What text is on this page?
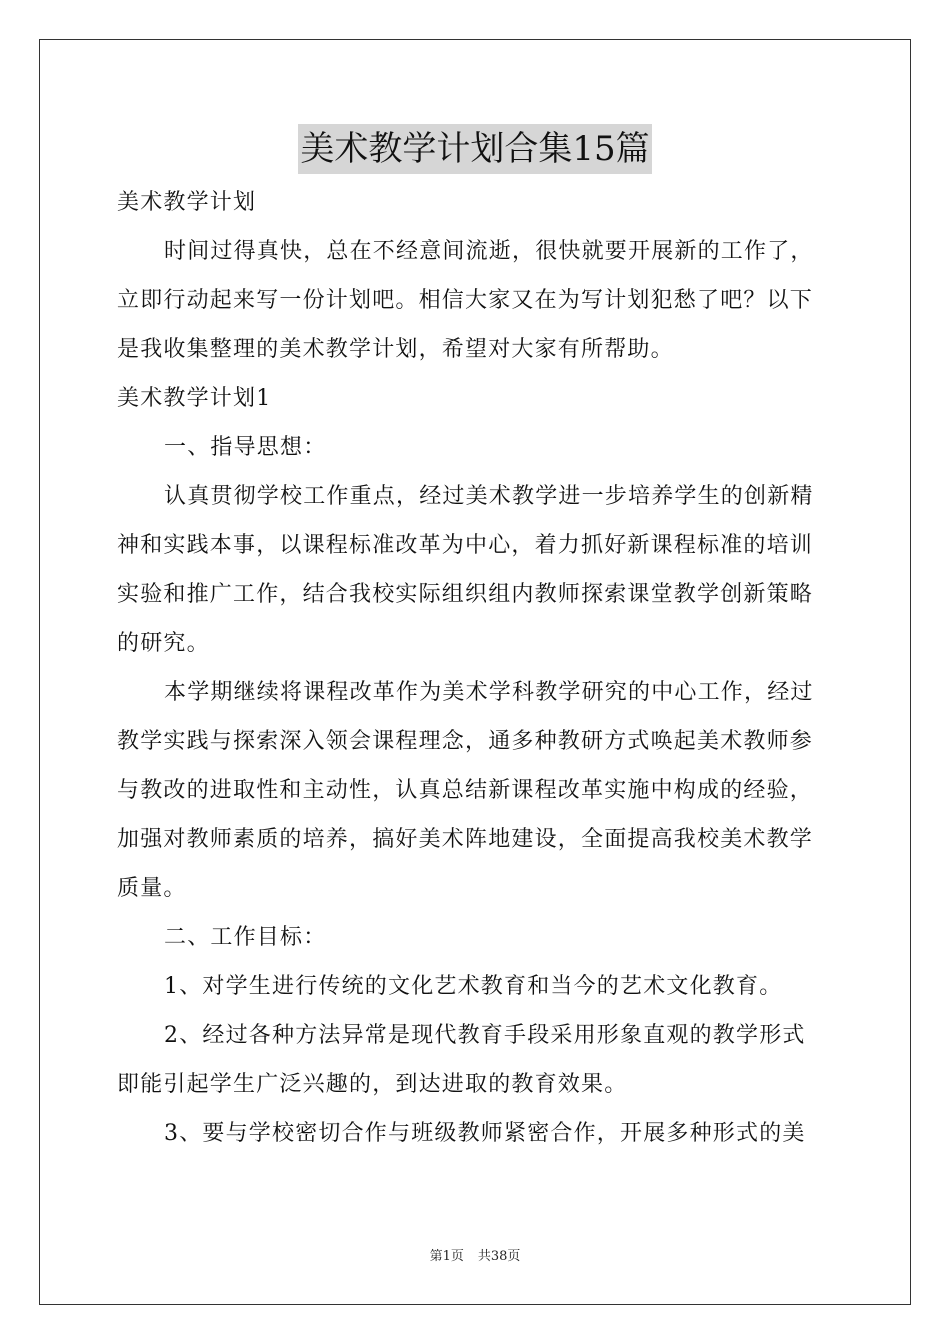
美术教学计划合集15篇
美术教学计划
时间过得真快，总在不经意间流逝，很快就要开展新的工作了，
立即行动起来写一份计划吧。相信大家又在为写计划犯愁了吧？以下
是我收集整理的美术教学计划，希望对大家有所帮助。
美术教学计划1
一、指导思想：
认真贯彻学校工作重点，经过美术教学进一步培养学生的创新精
神和实践本事，以课程标准改革为中心，着力抓好新课程标准的培训
实验和推广工作，结合我校实际组织组内教师探索课堂教学创新策略
的研究。
本学期继续将课程改革作为美术学科教学研究的中心工作，经过
教学实践与探索深入领会课程理念，通多种教研方式唤起美术教师参
与教改的进取性和主动性，认真总结新课程改革实施中构成的经验，
加强对教师素质的培养，搞好美术阵地建设，全面提高我校美术教学
质量。
二、工作目标：
1、对学生进行传统的文化艺术教育和当今的艺术文化教育。
2、经过各种方法异常是现代教育手段采用形象直观的教学形式
即能引起学生广泛兴趣的，到达进取的教育效果。
3、要与学校密切合作与班级教师紧密合作，开展多种形式的美
第1页 共38页
